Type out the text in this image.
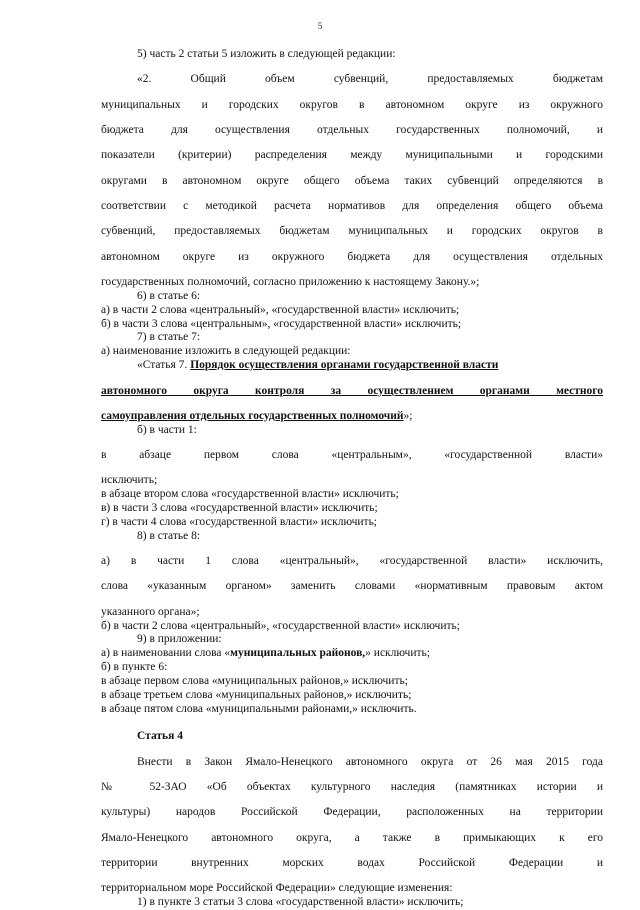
5

5) часть 2 статьи 5 изложить в следующей редакции:

«2. Общий объем субвенций, предоставляемых бюджетам

муниципальных и городских округов в автономном округе из окружного

бюджета для осуществления отдельных государственных полномочий, и

показатели (критерии) распределения между муниципальными и городскими

округами в автономном округе общего объема таких субвенций определяются в

соответствии с методикой расчета нормативов для определения общего объема

субвенций, предоставляемых бюджетам муниципальных и городских округов в

автономном округе из окружного бюджета для осуществления отдельных

государственных полномочий, согласно приложению к настоящему Закону.»;

6) в статье 6:

а) в части 2 слова «центральный», «государственной власти» исключить;

б) в части 3 слова «центральным», «государственной власти» исключить;

7) в статье 7:

а) наименование изложить в следующей редакции:

«Статья 7. Порядок осуществления органами государственной власти

автономного округа контроля за осуществлением органами местного

самоуправления отдельных государственных полномочий»;

б) в части 1:

в абзаце первом слова «центральным», «государственной власти»

исключить;

в абзаце втором слова «государственной власти» исключить;

в) в части 3 слова «государственной власти» исключить;

г) в части 4 слова «государственной власти» исключить;

8) в статье 8:

а) в части 1 слова «центральный», «государственной власти» исключить,

слова «указанным органом» заменить словами «нормативным правовым актом

указанного органа»;

б) в части 2 слова «центральный», «государственной власти» исключить;

9) в приложении:

а) в наименовании слова «муниципальных районов,» исключить;

б) в пункте 6:

в абзаце первом слова «муниципальных районов,» исключить;

в абзаце третьем слова «муниципальных районов,» исключить;

в абзаце пятом слова «муниципальными районами,» исключить.

Статья 4

Внести в Закон Ямало-Ненецкого автономного округа от 26 мая 2015 года

№ 52-ЗАО «Об объектах культурного наследия (памятниках истории и

культуры) народов Российской Федерации, расположенных на территории

Ямало-Ненецкого автономного округа, а также в примыкающих к его

территории внутренних морских водах Российской Федерации и

территориальном море Российской Федерации» следующие изменения:

1) в пункте 3 статьи 3 слова «государственной власти» исключить;
